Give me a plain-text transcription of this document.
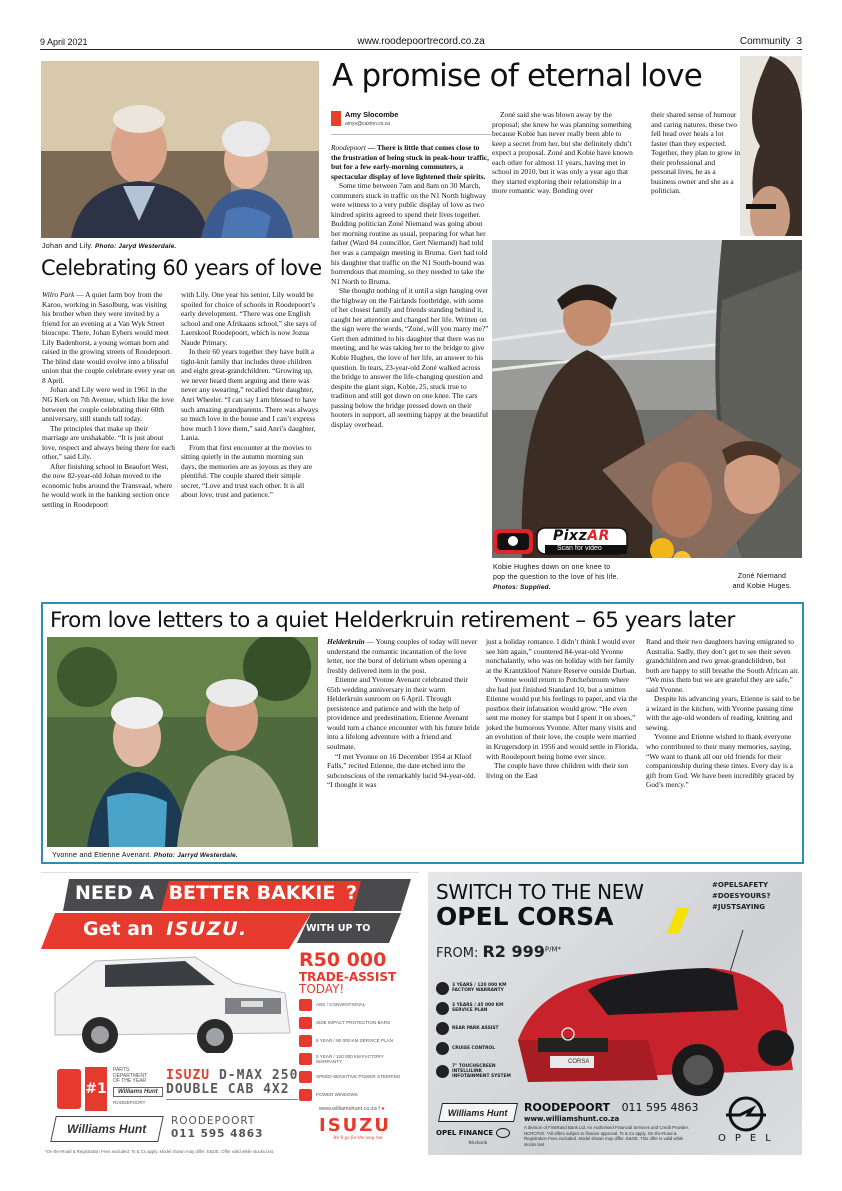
9 April 2021	www.roodepoortrecord.co.za	Community 3
Johan and Lily. Photo: Jaryd Westerdale.
Celebrating 60 years of love

Wilro Park — A quiet farm boy from the Karoo, working in Sasolburg, was visiting his brother when they were invited by a friend for an evening at a Van Wyk Street bioscope. There, Johan Eybers would meet Lily Badenhorst, a young woman born and raised in the growing streets of Roodepoort. The blind date would evolve into a blissful union that the couple celebrate every year on 8 April.

Johan and Lily were wed in 1961 in the NG Kerk on 7th Avenue, which like the love between the couple celebrating their 60th anniversary, still stands tall today.

The principles that make up their marriage are unshakable. “It is just about love, respect and always being there for each other,” said Lily.

After finishing school in Beaufort West, the now 82-year-old Johan moved to the economic hubs around the Transvaal, where he would work in the banking section once settling in Roodepoort

with Lily. One year his senior, Lily would be spoiled for choice of schools in Roodepoort’s early development. “There was one English school and one Afrikaans school,” she says of Laerskool Roodepoort, which is now Jozua Naude Primary.

In their 60 years together they have built a tight-knit family that includes three children and eight great-grandchildren. “Growing up, we never heard them arguing and there was never any swearing,” recalled their daughter, Anri Wheeler. “I can say I am blessed to have such amazing grandparents. There was always so much love in the house and I can’t express how much I love them,” said Anri’s daughter, Lania.

From that first encounter at the movies to sitting quietly in the autumn morning sun days, the memories are as joyous as they are plentiful. The couple shared their simple secret, “Love and trust each other. It is all about love, trust and patience.”

A promise of eternal love
Amy Slocombe
amys@caxton.co.za

Roodepoort — There is little that comes close to the frustration of being stuck in peak-hour traffic, but for a few early-morning commuters, a spectacular display of love lightened their spirits.

Some time between 7am and 8am on 30 March, commuters stuck in traffic on the N1 North highway were witness to a very public display of love as two kindred spirits agreed to spend their lives together. Budding politician Zoné Niemand was going about her morning routine as usual, preparing for what her father (Ward 84 councillor, Gert Niemand) had told her was a campaign meeting in Bruma. Gert had told his daughter that traffic on the N1 South-bound was horrendous that morning, so they needed to take the N1 North to Bruma.

She thought nothing of it until a sign hanging over the highway on the Fairlands footbridge, with some of her closest family and friends standing behind it, caught her attention and changed her life. Written on the sign were the words, “Zoné, will you marry me?” Gert then admitted to his daughter that there was no meeting, and he was taking her to the bridge to give Kobie Hughes, the love of her life, an answer to his question. In tears, 23-year-old Zoné walked across the bridge to answer the life-changing question and despite the giant sign, Kobie, 25, stuck true to tradition and still got down on one knee. The cars passing below the bridge pressed down on their hooters in support, all seeming happy at the beautiful display overhead.

Zoné said she was blown away by the proposal; she knew he was planning something because Kobie has never really been able to keep a secret from her, but she definitely didn’t expect a proposal. Zoné and Kobie have known each other for almost 11 years, having met in school in 2010, but it was only a year ago that they started exploring their relationship in a more romantic way. Bonding over

their shared sense of humour and caring natures, these two fell head over heals a lot faster than they expected. Together, they plan to grow in their professional and personal lives, he as a business owner and she as a politician.

PixzAR
Scan for video
Kobie Hughes down on one knee to pop the question to the love of his life. Photos: Supplied.
Zoné Niemand
and Kobie Huges.
From love letters to a quiet Helderkruin retirement – 65 years later
Yvonne and Etienne Avenant. Photo: Jarryd Westerdale.

Helderkruin — Young couples of today will never understand the romantic incantation of the love letter, nor the burst of delirium when opening a freshly delivered item in the post.

Etienne and Yvonne Avenant celebrated their 65th wedding anniversary in their warm Helderkruin sunroom on 6 April. Through persistence and patience and with the help of providence and predestination, Etienne Avenant would turn a chance encounter with his future bride into a lifelong adventure with a friend and soulmate.

“I met Yvonne on 16 December 1954 at Kloof Falls,” recited Etienne, the date etched into the subconscious of the remarkably lucid 94-year-old. “I thought it was

just a holiday romance. I didn’t think I would ever see him again,” countered 84-year-old Yvonne nonchalantly, who was on holiday with her family at the Krantzkloof Nature Reserve outside Durban.

Yvonne would return to Potchefstroom where she had just finished Standard 10, but a smitten Etienne would put his feelings to paper, and via the postbox their infatuation would grow. “He even sent me money for stamps but I spent it on shoes,” joked the humorous Yvonne. After many visits and an evolution of their love, the couple were married in Krugersdorp in 1956 and would settle in Florida, with Roodepoort being home ever since.

The couple have three children with their son living on the East

Rand and their two daughters having emigrated to Australia. Sadly, they don’t get to see their seven grandchildren and two great-grandchildren, but both are happy to still breathe the South African air. “We miss them but we are grateful they are safe,” said Yvonne.

Despite his advancing years, Etienne is said to be a wizard in the kitchen, with Yvonne passing time with the age-old wonders of reading, knitting and sewing.

Yvonne and Etienne wished to thank everyone who contributed to their many memories, saying, “We want to thank all our old friends for their companionship during these times. Every day is a gift from God. We have been incredibly graced by God’s mercy.”

NEED A BETTER BAKKIE ?
Get an ISUZU.	WITH UP TO
R50 000
TRADE-ASSIST
TODAY!
ABS / CONVENTIONAL
SIDE IMPACT PROTECTION BARS
5 YEAR / 90 000 KM SERVICE PLAN
5 YEAR / 120 000 KM FACTORY WARRANTY
SPEED-SENSITIVE POWER STEERING
POWER WINDOWS
#1
PARTS
DEPARTMENT
OF THE YEAR
Williams Hunt
ROODEPOORT
ISUZU D-MAX 250
DOUBLE CAB 4X2
Williams Hunt
ROODEPOORT
011 595 4863
www.williamshunt.co.za f ●
ISUZU
We’ll go for the long run
*On-the-Road & Registration Fees excluded. Ts & Cs apply. Model shown may differ. E&OE. Offer valid while stocks last.
SWITCH TO THE NEW
OPEL CORSA
#OPELSAFETY
#DOESYOURS?
#JUSTSAYING
FROM: R2 $999^{P/M*}$
CORSA
3 YEARS / 120 000 KM FACTORY WARRANTY
3 YEARS / 45 000 KM SERVICE PLAN
REAR PARK ASSIST
CRUISE CONTROL
7" TOUCHSCREEN INTELLILINK INFOTAINMENT SYSTEM
Williams Hunt ROODEPOORT 011 595 4863
www.williamshunt.co.za
OPEL FINANCE
Wesbank
A division of FirstRand Bank Ltd. An Authorised Financial Services and Credit Provider. NCRCP20. *All offers subject to finance approval. Ts & Cs apply. On-the-Road & Registration Fees excluded. Model shown may differ. E&OE. This offer is valid while stocks last.
OPEL
